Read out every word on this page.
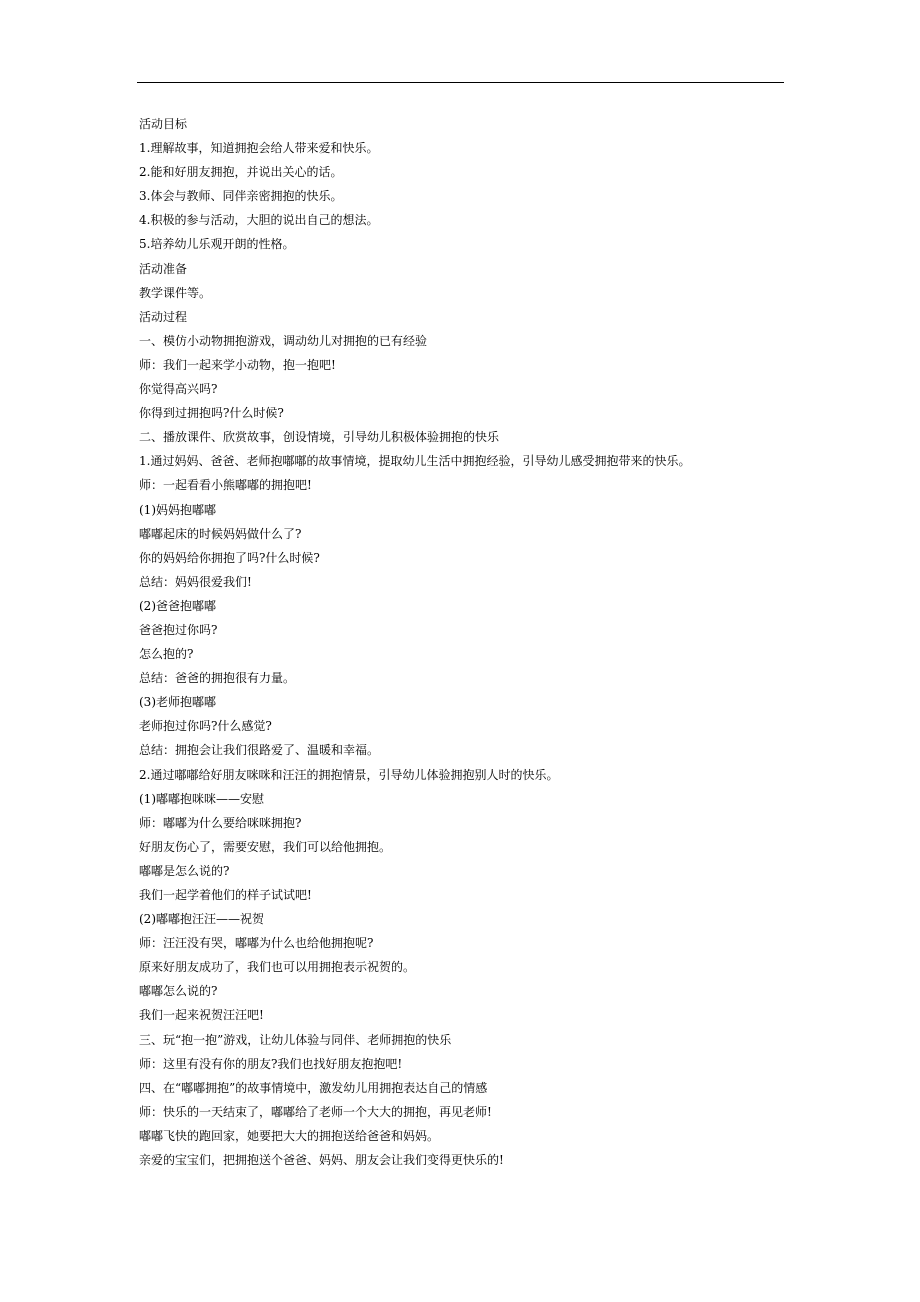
活动目标
1.理解故事，知道拥抱会给人带来爱和快乐。
2.能和好朋友拥抱，并说出关心的话。
3.体会与教师、同伴亲密拥抱的快乐。
4.积极的参与活动，大胆的说出自己的想法。
5.培养幼儿乐观开朗的性格。
活动准备
教学课件等。
活动过程
一、模仿小动物拥抱游戏，调动幼儿对拥抱的已有经验
师：我们一起来学小动物，抱一抱吧!
你觉得高兴吗?
你得到过拥抱吗?什么时候?
二、播放课件、欣赏故事，创设情境，引导幼儿积极体验拥抱的快乐
1.通过妈妈、爸爸、老师抱嘟嘟的故事情境，提取幼儿生活中拥抱经验，引导幼儿感受拥抱带来的快乐。
师：一起看看小熊嘟嘟的拥抱吧!
(1)妈妈抱嘟嘟
嘟嘟起床的时候妈妈做什么了?
你的妈妈给你拥抱了吗?什么时候?
总结：妈妈很爱我们!
(2)爸爸抱嘟嘟
爸爸抱过你吗?
怎么抱的?
总结：爸爸的拥抱很有力量。
(3)老师抱嘟嘟
老师抱过你吗?什么感觉?
总结：拥抱会让我们很路爱了、温暖和幸福。
2.通过嘟嘟给好朋友咪咪和汪汪的拥抱情景，引导幼儿体验拥抱别人时的快乐。
(1)嘟嘟抱咪咪——安慰
师：嘟嘟为什么要给咪咪拥抱?
好朋友伤心了，需要安慰，我们可以给他拥抱。
嘟嘟是怎么说的?
我们一起学着他们的样子试试吧!
(2)嘟嘟抱汪汪——祝贺
师：汪汪没有哭，嘟嘟为什么也给他拥抱呢?
原来好朋友成功了，我们也可以用拥抱表示祝贺的。
嘟嘟怎么说的?
我们一起来祝贺汪汪吧!
三、玩“抱一抱”游戏，让幼儿体验与同伴、老师拥抱的快乐
师：这里有没有你的朋友?我们也找好朋友抱抱吧!
四、在“嘟嘟拥抱”的故事情境中，激发幼儿用拥抱表达自己的情感
师：快乐的一天结束了，嘟嘟给了老师一个大大的拥抱，再见老师!
嘟嘟飞快的跑回家，她要把大大的拥抱送给爸爸和妈妈。
亲爱的宝宝们，把拥抱送个爸爸、妈妈、朋友会让我们变得更快乐的!
